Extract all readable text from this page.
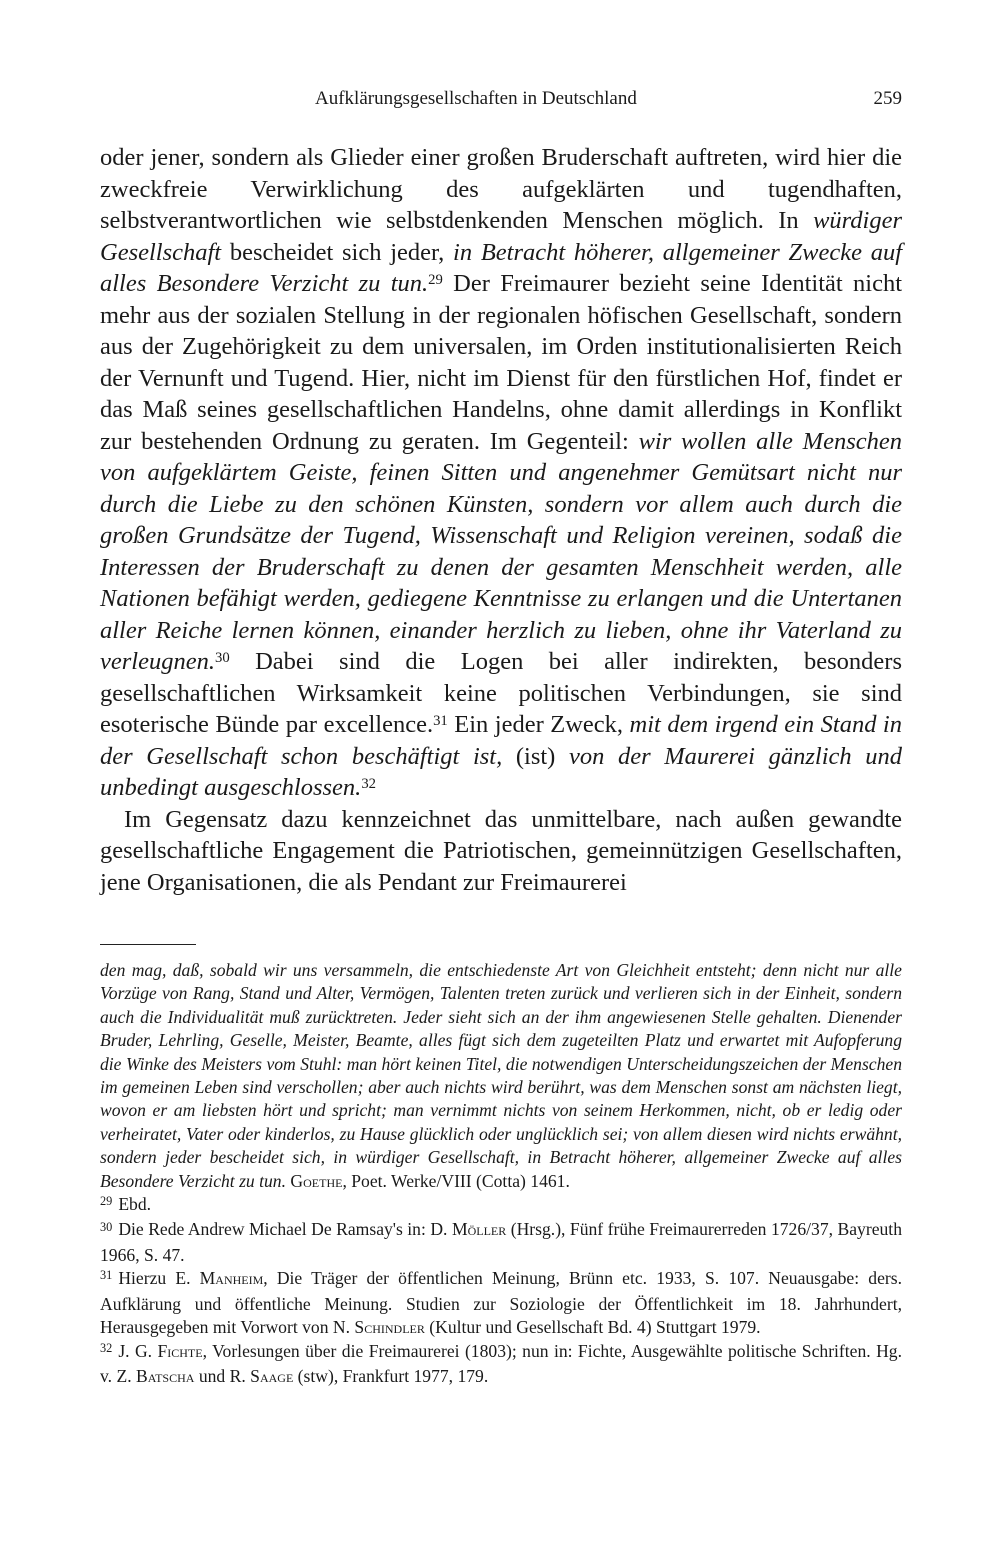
Aufklärungsgesellschaften in Deutschland	259

oder jener, sondern als Glieder einer großen Bruderschaft auftreten, wird hier die zweckfreie Verwirklichung des aufgeklärten und tugendhaften, selbstverantwortlichen wie selbstdenkenden Menschen möglich. In würdiger Gesellschaft bescheidet sich jeder, in Betracht höherer, allgemeiner Zwecke auf alles Besondere Verzicht zu tun.$^{29}$ Der Freimaurer bezieht seine Identität nicht mehr aus der sozialen Stellung in der regionalen höfischen Gesellschaft, sondern aus der Zugehörigkeit zu dem universalen, im Orden institutionalisierten Reich der Vernunft und Tugend. Hier, nicht im Dienst für den fürstlichen Hof, findet er das Maß seines gesellschaftlichen Handelns, ohne damit allerdings in Konflikt zur bestehenden Ordnung zu geraten. Im Gegenteil: wir wollen alle Menschen von aufgeklärtem Geiste, feinen Sitten und angenehmer Gemütsart nicht nur durch die Liebe zu den schönen Künsten, sondern vor allem auch durch die großen Grundsätze der Tugend, Wissenschaft und Religion vereinen, sodaß die Interessen der Bruderschaft zu denen der gesamten Menschheit werden, alle Nationen befähigt werden, gediegene Kenntnisse zu erlangen und die Untertanen aller Reiche lernen können, einander herzlich zu lieben, ohne ihr Vaterland zu verleugnen.$^{30}$ Dabei sind die Logen bei aller indirekten, besonders gesellschaftlichen Wirksamkeit keine politischen Verbindungen, sie sind esoterische Bünde par excellence.$^{31}$ Ein jeder Zweck, mit dem irgend ein Stand in der Gesellschaft schon beschäftigt ist, (ist) von der Maurerei gänzlich und unbedingt ausgeschlossen.$^{32}$

Im Gegensatz dazu kennzeichnet das unmittelbare, nach außen gewandte gesellschaftliche Engagement die Patriotischen, gemeinnützigen Gesellschaften, jene Organisationen, die als Pendant zur Freimaurerei

den mag, daß, sobald wir uns versammeln, die entschiedenste Art von Gleichheit entsteht; denn nicht nur alle Vorzüge von Rang, Stand und Alter, Vermögen, Talenten treten zurück und verlieren sich in der Einheit, sondern auch die Individualität muß zurücktreten. Jeder sieht sich an der ihm angewiesenen Stelle gehalten. Dienender Bruder, Lehrling, Geselle, Meister, Beamte, alles fügt sich dem zugeteilten Platz und erwartet mit Aufopferung die Winke des Meisters vom Stuhl: man hört keinen Titel, die notwendigen Unterscheidungszeichen der Menschen im gemeinen Leben sind verschollen; aber auch nichts wird berührt, was dem Menschen sonst am nächsten liegt, wovon er am liebsten hört und spricht; man vernimmt nichts von seinem Herkommen, nicht, ob er ledig oder verheiratet, Vater oder kinderlos, zu Hause glücklich oder unglücklich sei; von allem diesen wird nichts erwähnt, sondern jeder bescheidet sich, in würdiger Gesellschaft, in Betracht höherer, allgemeiner Zwecke auf alles Besondere Verzicht zu tun. Goethe, Poet. Werke/VIII (Cotta) 1461.

$^{29}$ Ebd.

$^{30}$ Die Rede Andrew Michael De Ramsay's in: D. Möller (Hrsg.), Fünf frühe Freimaurerreden 1726/37, Bayreuth 1966, S. 47.

$^{31}$ Hierzu E. Manheim, Die Träger der öffentlichen Meinung, Brünn etc. 1933, S. 107. Neuausgabe: ders. Aufklärung und öffentliche Meinung. Studien zur Soziologie der Öffentlichkeit im 18. Jahrhundert, Herausgegeben mit Vorwort von N. Schindler (Kultur und Gesellschaft Bd. 4) Stuttgart 1979.

$^{32}$ J. G. Fichte, Vorlesungen über die Freimaurerei (1803); nun in: Fichte, Ausgewählte politische Schriften. Hg. v. Z. Batscha und R. Saage (stw), Frankfurt 1977, 179.
